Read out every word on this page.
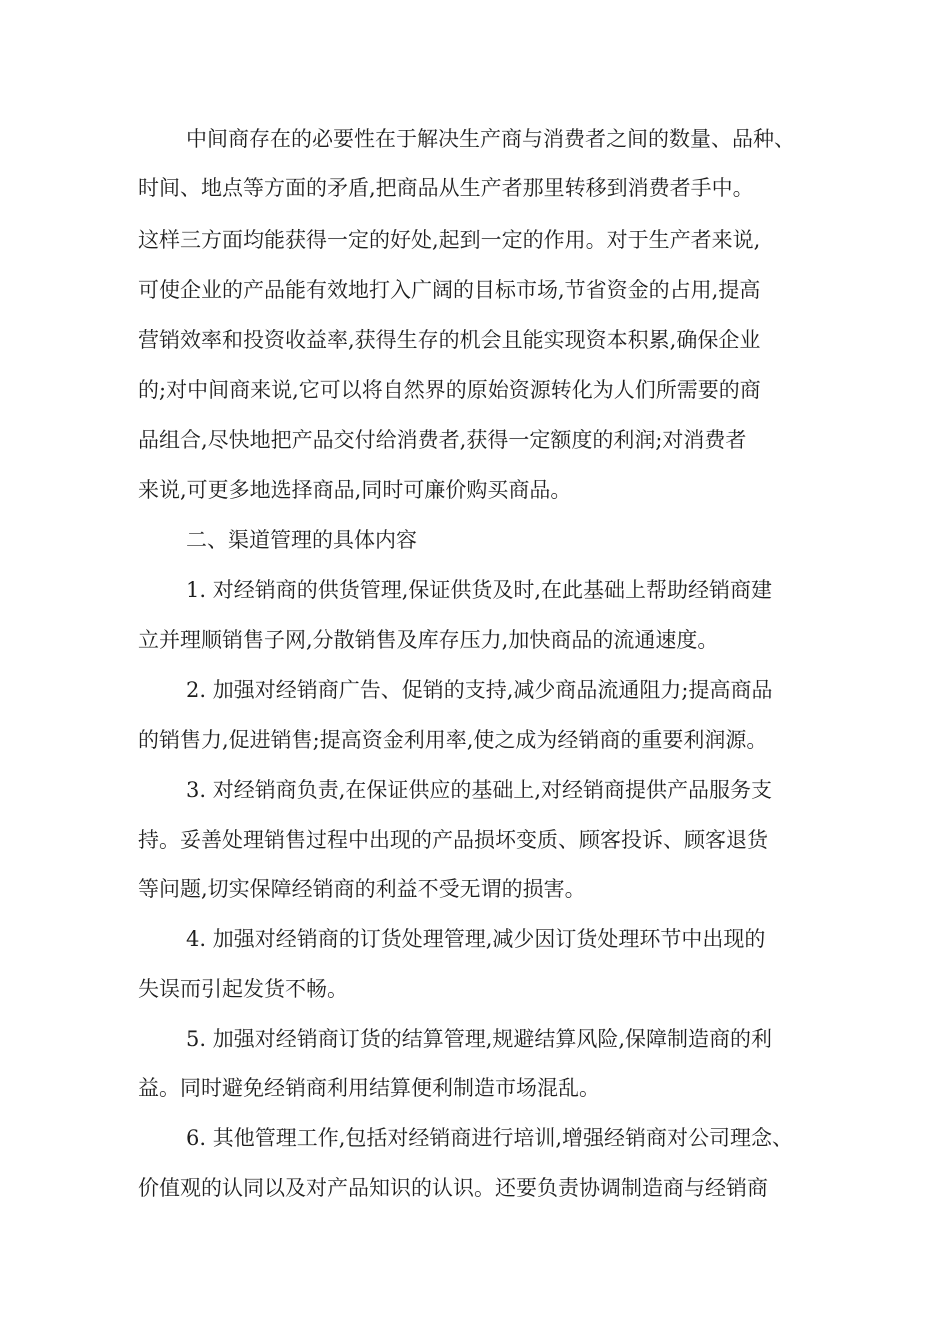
中间商存在的必要性在于解决生产商与消费者之间的数量、品种、

时间、地点等方面的矛盾,把商品从生产者那里转移到消费者手中。

这样三方面均能获得一定的好处,起到一定的作用。对于生产者来说,

可使企业的产品能有效地打入广阔的目标市场,节省资金的占用,提高

营销效率和投资收益率,获得生存的机会且能实现资本积累,确保企业

的;对中间商来说,它可以将自然界的原始资源转化为人们所需要的商

品组合,尽快地把产品交付给消费者,获得一定额度的利润;对消费者

来说,可更多地选择商品,同时可廉价购买商品。

二、渠道管理的具体内容

1. 对经销商的供货管理,保证供货及时,在此基础上帮助经销商建

立并理顺销售子网,分散销售及库存压力,加快商品的流通速度。

2. 加强对经销商广告、促销的支持,减少商品流通阻力;提高商品

的销售力,促进销售;提高资金利用率,使之成为经销商的重要利润源。

3. 对经销商负责,在保证供应的基础上,对经销商提供产品服务支

持。妥善处理销售过程中出现的产品损坏变质、顾客投诉、顾客退货

等问题,切实保障经销商的利益不受无谓的损害。

4. 加强对经销商的订货处理管理,减少因订货处理环节中出现的

失误而引起发货不畅。

5. 加强对经销商订货的结算管理,规避结算风险,保障制造商的利

益。同时避免经销商利用结算便利制造市场混乱。

6. 其他管理工作,包括对经销商进行培训,增强经销商对公司理念、

价值观的认同以及对产品知识的认识。还要负责协调制造商与经销商
